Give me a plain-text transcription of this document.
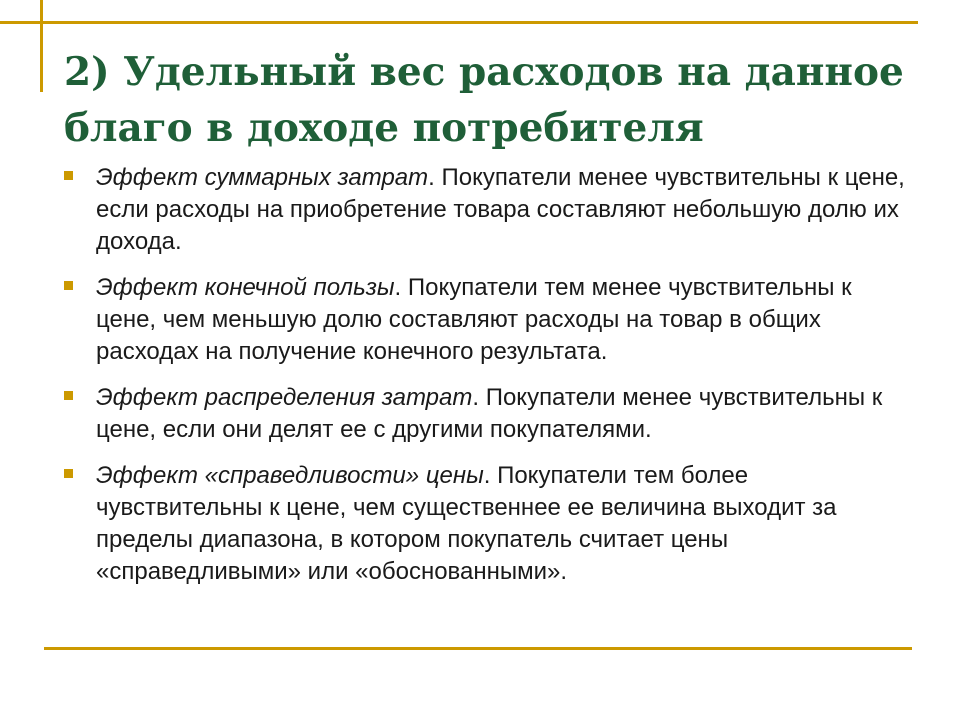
2) Удельный вес расходов на данное благо в доходе потребителя
Эффект суммарных затрат. Покупатели менее чувствительны к цене, если расходы на приобретение товара составляют небольшую долю их дохода.
Эффект конечной пользы. Покупатели тем менее чувствительны к цене, чем меньшую долю составляют расходы на товар в общих расходах на получение конечного результата.
Эффект распределения затрат. Покупатели менее чувствительны к цене, если они делят ее с другими покупателями.
Эффект «справедливости» цены. Покупатели тем более чувствительны к цене, чем существеннее ее величина выходит за пределы диапазона, в котором покупатель считает цены «справедливыми» или «обоснованными».
